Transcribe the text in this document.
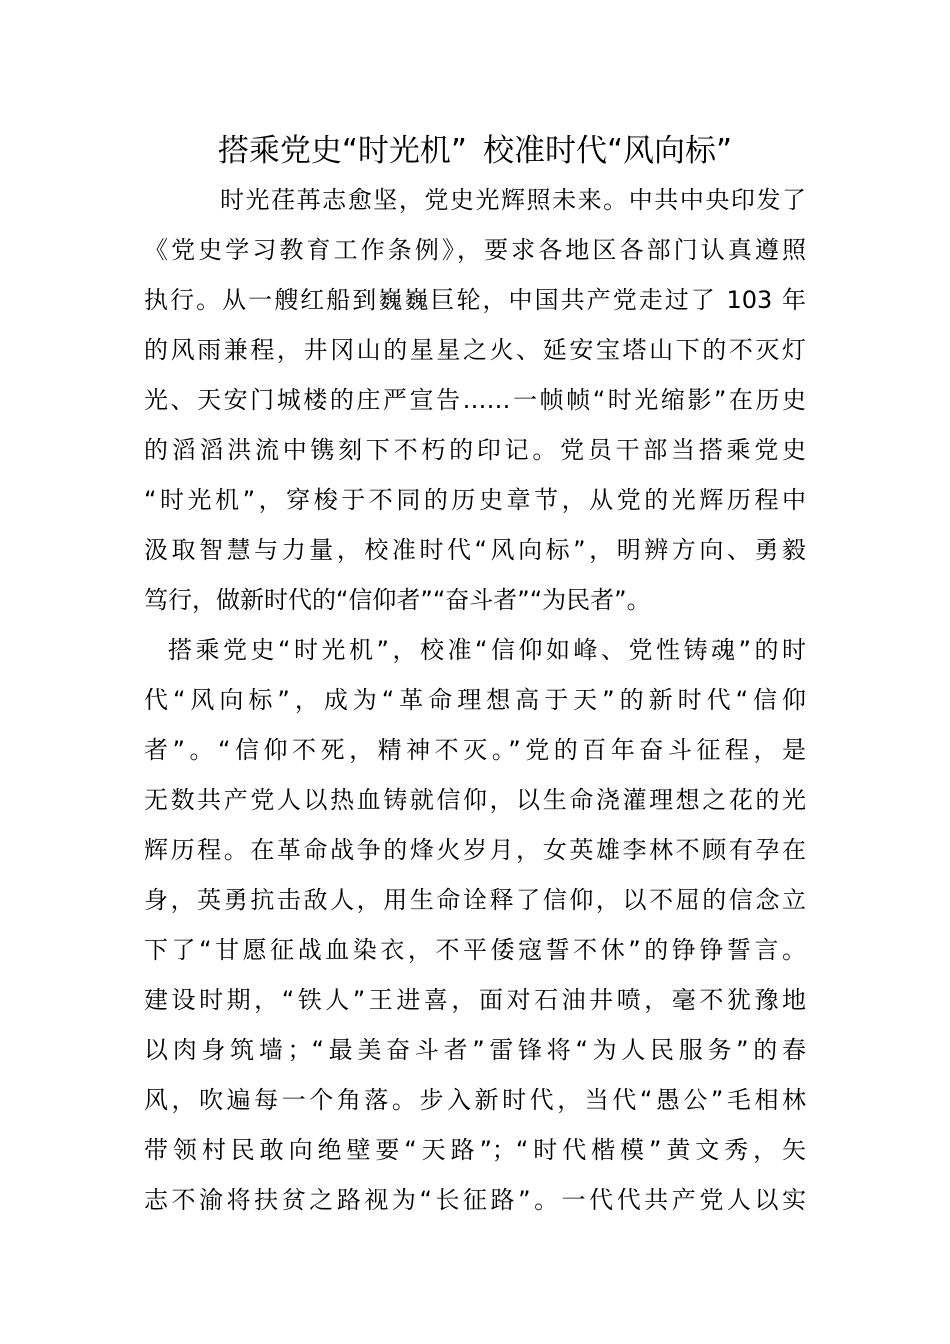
搭乘党史“时光机” 校准时代“风向标”
时光荏苒志愈坚，党史光辉照未来。中共中央印发了
《党史学习教育工作条例》，要求各地区各部门认真遵照
执行。从一艘红船到巍巍巨轮，中国共产党走过了 103 年
的风雨兼程，井冈山的星星之火、延安宝塔山下的不灭灯
光、天安门城楼的庄严宣告……一帧帧“时光缩影”在历史
的滔滔洪流中镌刻下不朽的印记。党员干部当搭乘党史
“时光机”，穿梭于不同的历史章节，从党的光辉历程中
汲取智慧与力量，校准时代“风向标”，明辨方向、勇毅
笃行，做新时代的“信仰者”“奋斗者”“为民者”。
搭乘党史“时光机”，校准“信仰如峰、党性铸魂”的时
代“风向标”，成为“革命理想高于天”的新时代“信仰
者”。“信仰不死，精神不灭。”党的百年奋斗征程，是
无数共产党人以热血铸就信仰，以生命浇灌理想之花的光
辉历程。在革命战争的烽火岁月，女英雄李林不顾有孕在
身，英勇抗击敌人，用生命诠释了信仰，以不屈的信念立
下了“甘愿征战血染衣，不平倭寇誓不休”的铮铮誓言。
建设时期，“铁人”王进喜，面对石油井喷，毫不犹豫地
以肉身筑墙；“最美奋斗者”雷锋将“为人民服务”的春
风，吹遍每一个角落。步入新时代，当代“愚公”毛相林
带领村民敢向绝壁要“天路”；“时代楷模”黄文秀，矢
志不渝将扶贫之路视为“长征路”。一代代共产党人以实
